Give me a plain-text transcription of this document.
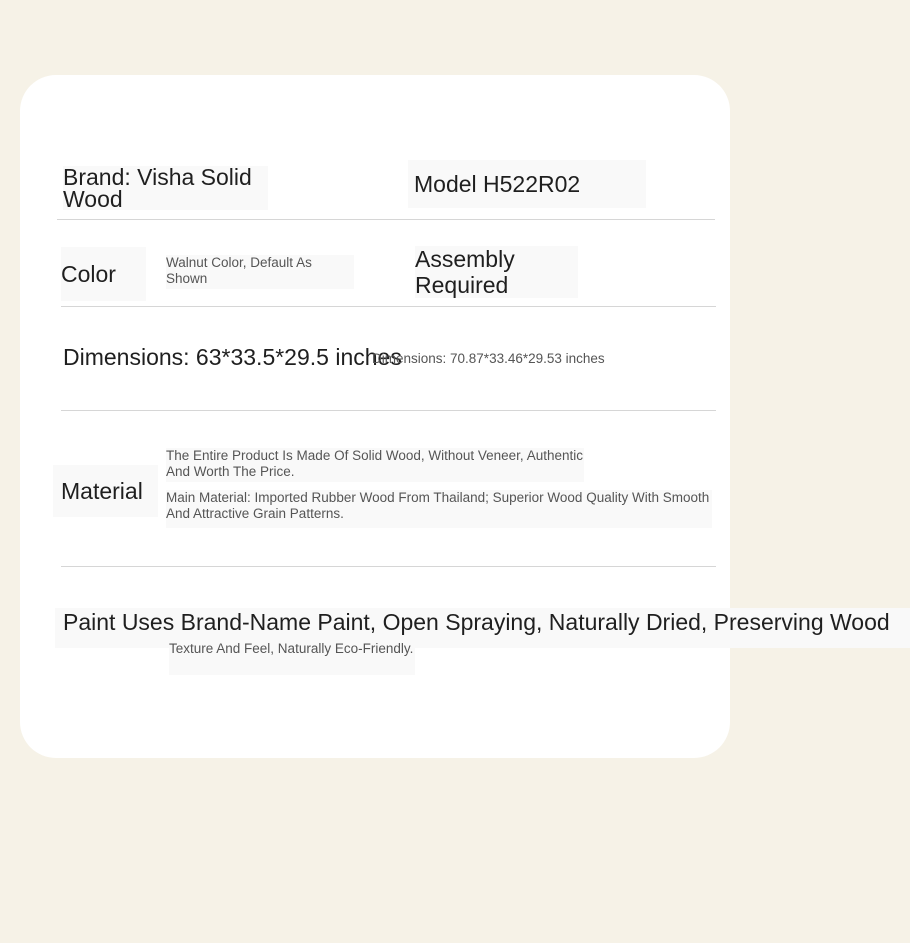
Brand: Visha Solid Wood
Model H522R02
Color	Walnut Color, Default As Shown
Assembly Required
Dimensions: 63*33.5*29.5 inches
Dimensions: 70.87*33.46*29.53 inches
Material
The Entire Product Is Made Of Solid Wood, Without Veneer, Authentic And Worth The Price.
Main Material: Imported Rubber Wood From Thailand; Superior Wood Quality With Smooth And Attractive Grain Patterns.
Paint Uses Brand-Name Paint, Open Spraying, Naturally Dried, Preserving Wood
Texture And Feel, Naturally Eco-Friendly.
